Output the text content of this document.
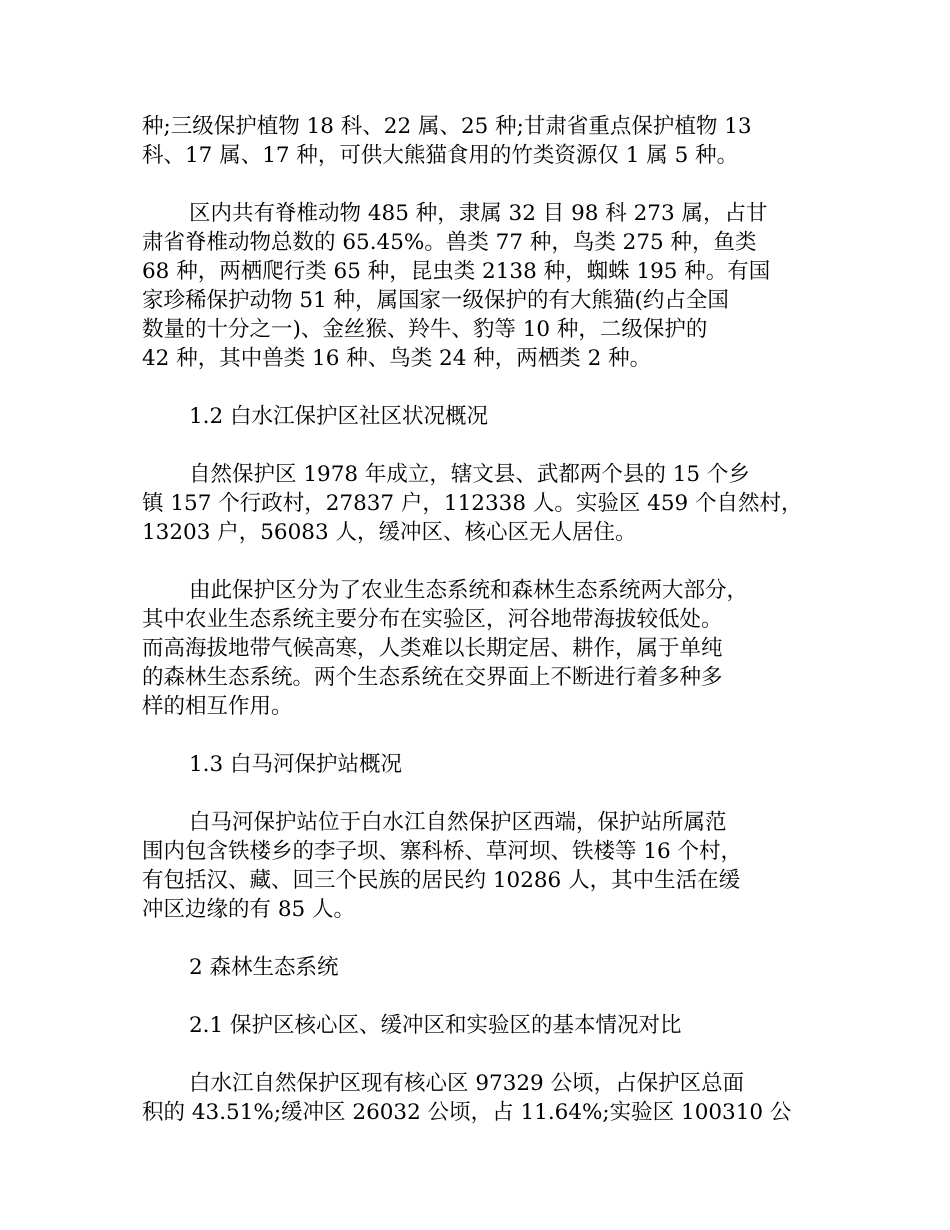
种;三级保护植物 18 科、22 属、25 种;甘肃省重点保护植物 13
科、17 属、17 种，可供大熊猫食用的竹类资源仅 1 属 5 种。

区内共有脊椎动物 485 种，隶属 32 目 98 科 273 属，占甘
肃省脊椎动物总数的 65.45%。兽类 77 种，鸟类 275 种，鱼类
68 种，两栖爬行类 65 种，昆虫类 2138 种，蜘蛛 195 种。有国
家珍稀保护动物 51 种，属国家一级保护的有大熊猫(约占全国
数量的十分之一)、金丝猴、羚牛、豹等 10 种，二级保护的
42 种，其中兽类 16 种、鸟类 24 种，两栖类 2 种。

1.2 白水江保护区社区状况概况

自然保护区 1978 年成立，辖文县、武都两个县的 15 个乡
镇 157 个行政村，27837 户，112338 人。实验区 459 个自然村，
13203 户，56083 人，缓冲区、核心区无人居住。

由此保护区分为了农业生态系统和森林生态系统两大部分，
其中农业生态系统主要分布在实验区，河谷地带海拔较低处。
而高海拔地带气候高寒，人类难以长期定居、耕作，属于单纯
的森林生态系统。两个生态系统在交界面上不断进行着多种多
样的相互作用。

1.3 白马河保护站概况

白马河保护站位于白水江自然保护区西端，保护站所属范
围内包含铁楼乡的李子坝、寨科桥、草河坝、铁楼等 16 个村，
有包括汉、藏、回三个民族的居民约 10286 人，其中生活在缓
冲区边缘的有 85 人。

2 森林生态系统

2.1 保护区核心区、缓冲区和实验区的基本情况对比

白水江自然保护区现有核心区 97329 公顷，占保护区总面
积的 43.51%;缓冲区 26032 公顷，占 11.64%;实验区 100310 公
